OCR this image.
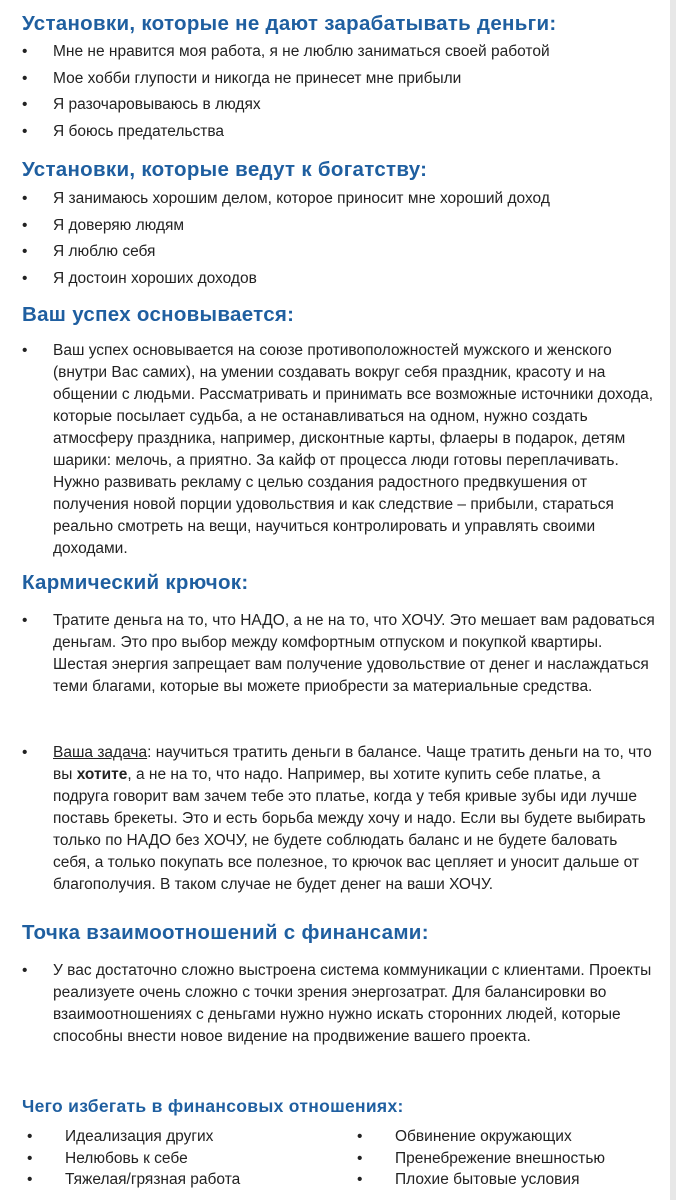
Установки, которые не дают зарабатывать деньги:
• Мне не нравится моя работа, я не люблю заниматься своей работой
• Мое хобби глупости и никогда не принесет мне прибыли
• Я разочаровываюсь в людях
• Я боюсь предательства
Установки, которые ведут к богатству:
• Я занимаюсь хорошим делом, которое приносит мне хороший доход
• Я доверяю людям
• Я люблю себя
• Я достоин хороших доходов
Ваш успех основывается:
• Ваш успех основывается на союзе противоположностей мужского и женского (внутри Вас самих), на умении создавать вокруг себя праздник, красоту и на общении с людьми. Рассматривать и принимать все возможные источники дохода, которые посылает судьба, а не останавливаться на одном, нужно создать атмосферу праздника, например, дисконтные карты, флаеры в подарок, детям шарики: мелочь, а приятно. За кайф от процесса люди готовы переплачивать. Нужно развивать рекламу с целью создания радостного предвкушения от получения новой порции удовольствия и как следствие – прибыли, стараться реально смотреть на вещи, научиться контролировать и управлять своими доходами.
Кармический крючок:
• Тратите деньга на то, что НАДО, а не на то, что ХОЧУ. Это мешает вам радоваться деньгам. Это про выбор между комфортным отпуском и покупкой квартиры. Шестая энергия запрещает вам получение удовольствие от денег и наслаждаться теми благами, которые вы можете приобрести за материальные средства.
• Ваша задача: научиться тратить деньги в балансе. Чаще тратить деньги на то, что вы хотите, а не на то, что надо. Например, вы хотите купить себе платье, а подруга говорит вам зачем тебе это платье, когда у тебя кривые зубы иди лучше поставь брекеты. Это и есть борьба между хочу и надо. Если вы будете выбирать только по НАДО без ХОЧУ, не будете соблюдать баланс и не будете баловать себя, а только покупать все полезное, то крючок вас цепляет и уносит дальше от благополучия. В таком случае не будет денег на ваши ХОЧУ.
Точка взаимоотношений с финансами:
• У вас достаточно сложно выстроена система коммуникации с клиентами. Проекты реализуете очень сложно с точки зрения энергозатрат. Для балансировки во взаимоотношениях с деньгами нужно нужно искать сторонних людей, которые способны внести новое видение на продвижение вашего проекта.
Чего избегать в финансовых отношениях:
• Идеализация других
• Нелюбовь к себе
• Тяжелая/грязная работа
• Обвинение окружающих
• Пренебрежение внешностью
• Плохие бытовые условия
